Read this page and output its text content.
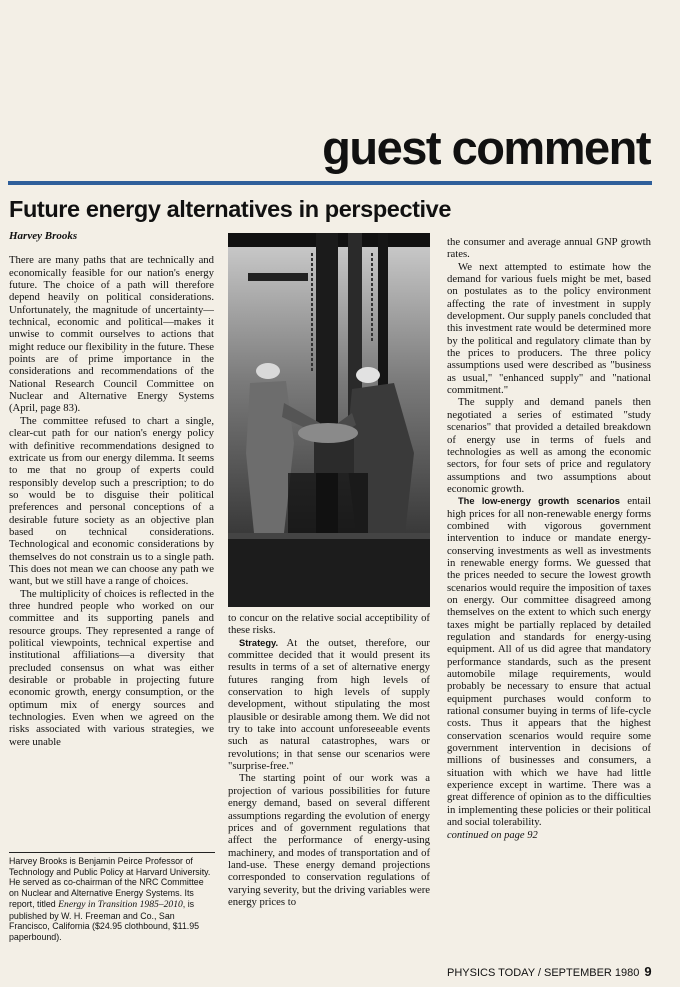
guest comment
Future energy alternatives in perspective
Harvey Brooks

There are many paths that are technically and economically feasible for our nation's energy future. The choice of a path will therefore depend heavily on political considerations. Unfortunately, the magnitude of uncertainty—technical, economic and political—makes it unwise to commit ourselves to actions that might reduce our flexibility in the future. These points are of prime importance in the considerations and recommendations of the National Research Council Committee on Nuclear and Alternative Energy Systems (April, page 83).

The committee refused to chart a single, clear-cut path for our nation's energy policy with definitive recommendations designed to extricate us from our energy dilemma. It seems to me that no group of experts could responsibly develop such a prescription; to do so would be to disguise their political preferences and personal conceptions of a desirable future society as an objective plan based on technical considerations. Technological and economic considerations by themselves do not constrain us to a single path. This does not mean we can choose any path we want, but we still have a range of choices.

The multiplicity of choices is reflected in the three hundred people who worked on our committee and its supporting panels and resource groups. They represented a range of political viewpoints, technical expertise and institutional affiliations—a diversity that precluded consensus on what was either desirable or probable in projecting future economic growth, energy consumption, or the optimum mix of energy sources and technologies. Even when we agreed on the risks associated with various strategies, we were unable

Harvey Brooks is Benjamin Peirce Professor of Technology and Public Policy at Harvard University. He served as co-chairman of the NRC Committee on Nuclear and Alternative Energy Systems. Its report, titled Energy in Transition 1985–2010, is published by W. H. Freeman and Co., San Francisco, California ($24.95 clothbound, $11.95 paperbound).

to concur on the relative social acceptibility of these risks.

Strategy. At the outset, therefore, our committee decided that it would present its results in terms of a set of alternative energy futures ranging from high levels of conservation to high levels of supply development, without stipulating the most plausible or desirable among them. We did not try to take into account unforeseeable events such as natural catastrophes, wars or revolutions; in that sense our scenarios were "surprise-free."

The starting point of our work was a projection of various possibilities for future energy demand, based on several different assumptions regarding the evolution of energy prices and of government regulations that affect the performance of energy-using machinery, and modes of transportation and of land-use. These energy demand projections corresponded to conservation regulations of varying severity, but the driving variables were energy prices to

the consumer and average annual GNP growth rates.

We next attempted to estimate how the demand for various fuels might be met, based on postulates as to the policy environment affecting the rate of investment in supply development. Our supply panels concluded that this investment rate would be determined more by the political and regulatory climate than by the prices to producers. The three policy assumptions used were described as "business as usual," "enhanced supply" and "national commitment."

The supply and demand panels then negotiated a series of estimated "study scenarios" that provided a detailed breakdown of energy use in terms of fuels and technologies as well as among the economic sectors, for four sets of price and regulatory assumptions and two assumptions about economic growth.

The low-energy growth scenarios entail high prices for all non-renewable energy forms combined with vigorous government intervention to induce or mandate energy-conserving investments as well as investments in renewable energy forms. We guessed that the prices needed to secure the lowest growth scenarios would require the imposition of taxes on energy. Our committee disagreed among themselves on the extent to which such energy taxes might be partially replaced by detailed regulation and standards for energy-using equipment. All of us did agree that mandatory performance standards, such as the present automobile milage requirements, would probably be necessary to ensure that actual equipment purchases would conform to rational consumer buying in terms of life-cycle costs. Thus it appears that the highest conservation scenarios would require some government intervention in decisions of millions of businesses and consumers, a situation with which we have had little experience except in wartime. There was a great difference of opinion as to the difficulties in implementing these policies or their political and social tolerability.

continued on page 92
PHYSICS TODAY / SEPTEMBER 1980 9
